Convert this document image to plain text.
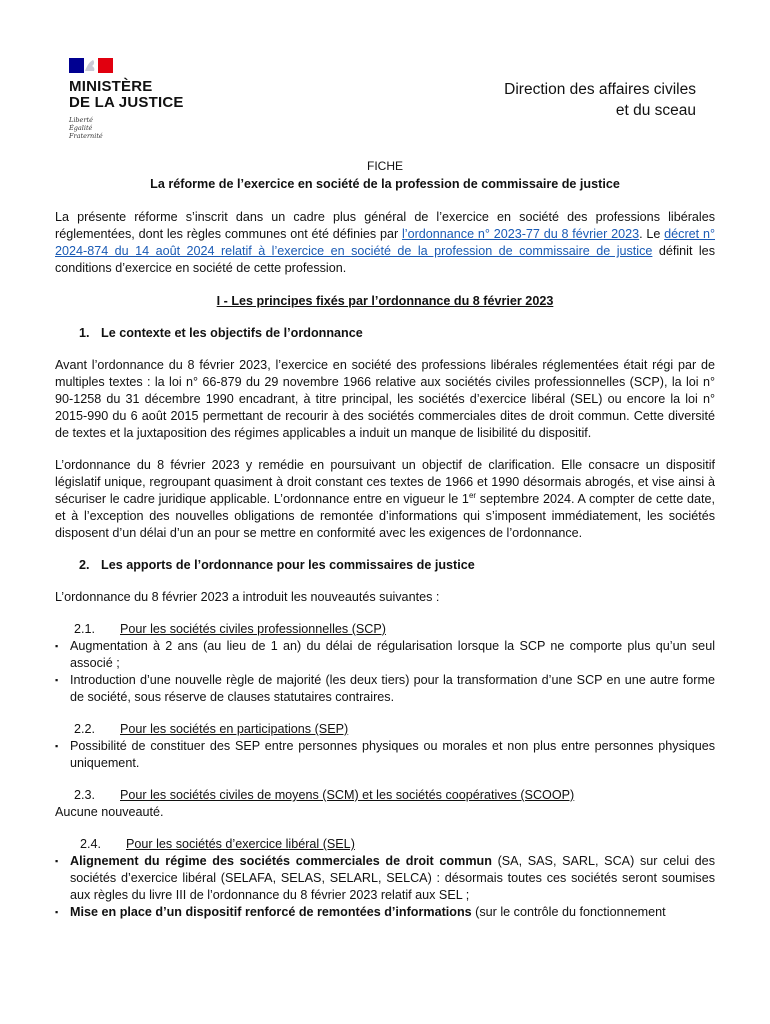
MINISTÈRE
DE LA JUSTICE
Liberté
Égalité
Fraternité
Direction des affaires civiles
et du sceau
FICHE
La réforme de l’exercice en société de la profession de commissaire de justice

La présente réforme s’inscrit dans un cadre plus général de l’exercice en société des professions libérales réglementées, dont les règles communes ont été définies par l’ordonnance n° 2023-77 du 8 février 2023. Le décret n° 2024-874 du 14 août 2024 relatif à l’exercice en société de la profession de commissaire de justice définit les conditions d’exercice en société de cette profession.

I - Les principes fixés par l’ordonnance du 8 février 2023
1. Le contexte et les objectifs de l’ordonnance

Avant l’ordonnance du 8 février 2023, l’exercice en société des professions libérales réglementées était régi par de multiples textes : la loi n° 66-879 du 29 novembre 1966 relative aux sociétés civiles professionnelles (SCP), la loi n° 90-1258 du 31 décembre 1990 encadrant, à titre principal, les sociétés d’exercice libéral (SEL) ou encore la loi n° 2015-990 du 6 août 2015 permettant de recourir à des sociétés commerciales dites de droit commun. Cette diversité de textes et la juxtaposition des régimes applicables a induit un manque de lisibilité du dispositif.

L’ordonnance du 8 février 2023 y remédie en poursuivant un objectif de clarification. Elle consacre un dispositif législatif unique, regroupant quasiment à droit constant ces textes de 1966 et 1990 désormais abrogés, et vise ainsi à sécuriser le cadre juridique applicable. L’ordonnance entre en vigueur le 1er septembre 2024. A compter de cette date, et à l’exception des nouvelles obligations de remontée d’informations qui s’imposent immédiatement, les sociétés disposent d’un délai d’un an pour se mettre en conformité avec les exigences de l’ordonnance.

2. Les apports de l’ordonnance pour les commissaires de justice

L’ordonnance du 8 février 2023 a introduit les nouveautés suivantes :

2.1. Pour les sociétés civiles professionnelles (SCP)
▪ Augmentation à 2 ans (au lieu de 1 an) du délai de régularisation lorsque la SCP ne comporte plus qu’un seul associé ;
▪ Introduction d’une nouvelle règle de majorité (les deux tiers) pour la transformation d’une SCP en une autre forme de société, sous réserve de clauses statutaires contraires.
2.2. Pour les sociétés en participations (SEP)
▪ Possibilité de constituer des SEP entre personnes physiques ou morales et non plus entre personnes physiques uniquement.
2.3. Pour les sociétés civiles de moyens (SCM) et les sociétés coopératives (SCOOP)

Aucune nouveauté.

2.4. Pour les sociétés d’exercice libéral (SEL)
▪ Alignement du régime des sociétés commerciales de droit commun (SA, SAS, SARL, SCA) sur celui des sociétés d’exercice libéral (SELAFA, SELAS, SELARL, SELCA) : désormais toutes ces sociétés seront soumises aux règles du livre III de l’ordonnance du 8 février 2023 relatif aux SEL ;
▪ Mise en place d’un dispositif renforcé de remontées d’informations (sur le contrôle du fonctionnement
